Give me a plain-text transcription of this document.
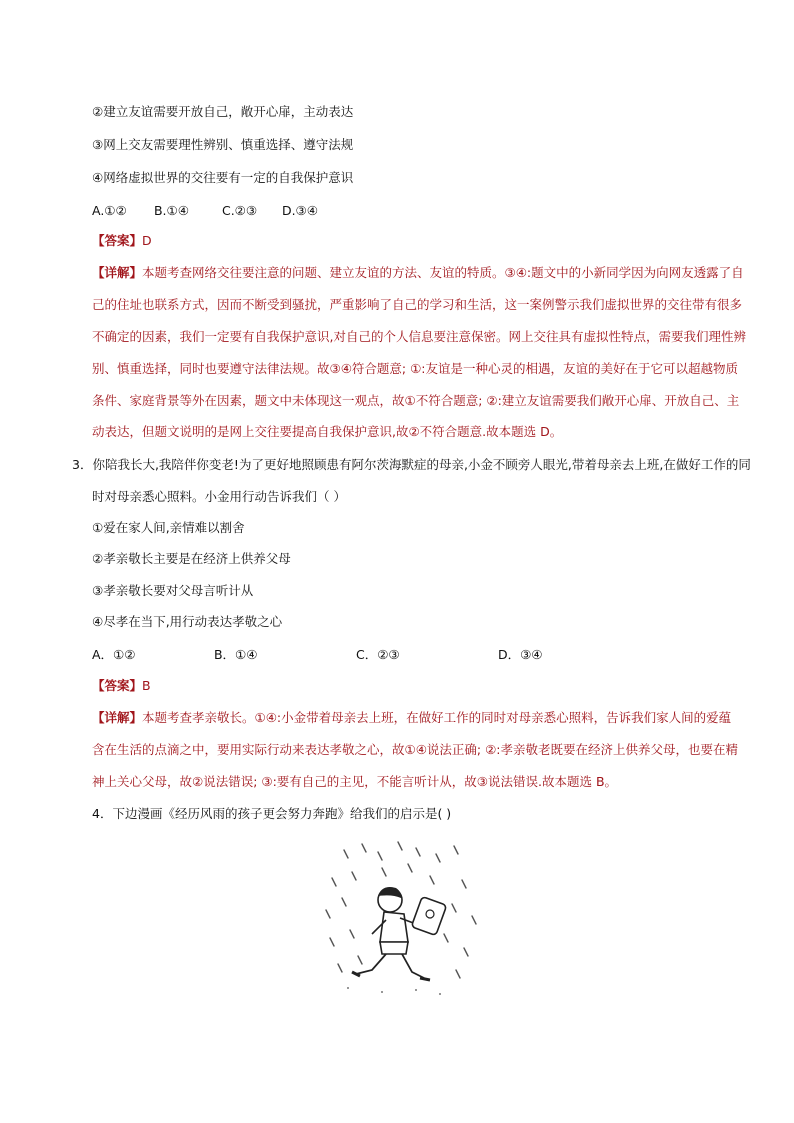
②建立友谊需要开放自己，敞开心扉，主动表达
③网上交友需要理性辨别、慎重选择、遵守法规
④网络虚拟世界的交往要有一定的自我保护意识
A.①② B.①④	C.②③ D.③④
【答案】D
【详解】本题考查网络交往要注意的问题、建立友谊的方法、友谊的特质。③④:题文中的小新同学因为向网友透露了自
己的住址也联系方式，因而不断受到骚扰，严重影响了自己的学习和生活，这一案例警示我们虚拟世界的交往带有很多
不确定的因素，我们一定要有自我保护意识,对自己的个人信息要注意保密。网上交往具有虚拟性特点，需要我们理性辨
别、慎重选择，同时也要遵守法律法规。故③④符合题意; ①:友谊是一种心灵的相遇，友谊的美好在于它可以超越物质
条件、家庭背景等外在因素，题文中未体现这一观点，故①不符合题意; ②:建立友谊需要我们敞开心扉、开放自己、主
动表达，但题文说明的是网上交往要提高自我保护意识,故②不符合题意.故本题选 D。
3．你陪我长大,我陪伴你变老!为了更好地照顾患有阿尔茨海默症的母亲,小金不顾旁人眼光,带着母亲去上班,在做好工作的同
时对母亲悉心照料。小金用行动告诉我们（ ）
①爱在家人间,亲情难以割舍
②孝亲敬长主要是在经济上供养父母
③孝亲敬长要对父母言听计从
④尽孝在当下,用行动表达孝敬之心
A．①②	B．①④	C．②③	D．③④
【答案】B
【详解】本题考查孝亲敬长。①④:小金带着母亲去上班，在做好工作的同时对母亲悉心照料，告诉我们家人间的爱蕴
含在生活的点滴之中，要用实际行动来表达孝敬之心，故①④说法正确; ②:孝亲敬老既要在经济上供养父母，也要在精
神上关心父母，故②说法错误; ③:要有自己的主见，不能言听计从，故③说法错误.故本题选 B。
4．下边漫画《经历风雨的孩子更会努力奔跑》给我们的启示是( )
